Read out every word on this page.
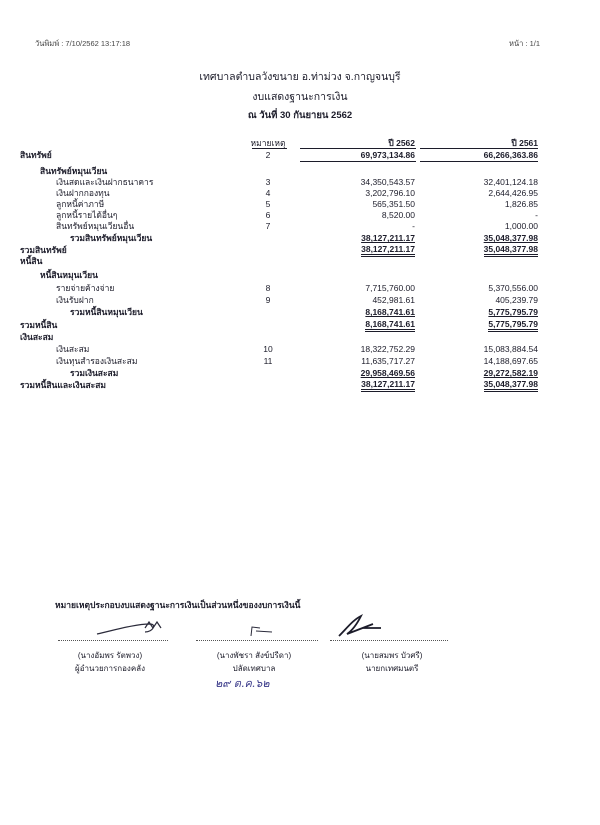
วันพิมพ์ : 7/10/2562 13:17:18	หน้า : 1/1
เทศบาลตำบลวังขนาย อ.ท่าม่วง จ.กาญจนบุรี
งบแสดงฐานะการเงิน
ณ วันที่ 30 กันยายน 2562
หมายเหตุ	ปี 2562	ปี 2561
สินทรัพย์	2	69,973,134.86	66,266,363.86
สินทรัพย์หมุนเวียน
เงินสดและเงินฝากธนาคาร	3	34,350,543.57	32,401,124.18
เงินฝากกองทุน	4	3,202,796.10	2,644,426.95
ลูกหนี้ค่าภาษี	5	565,351.50	1,826.85
ลูกหนี้รายได้อื่นๆ	6	8,520.00	-
สินทรัพย์หมุนเวียนอื่น	7	-	1,000.00
รวมสินทรัพย์หมุนเวียน	38,127,211.17	35,048,377.98
รวมสินทรัพย์	38,127,211.17	35,048,377.98
หนี้สิน
หนี้สินหมุนเวียน
รายจ่ายค้างจ่าย	8	7,715,760.00	5,370,556.00
เงินรับฝาก	9	452,981.61	405,239.79
รวมหนี้สินหมุนเวียน	8,168,741.61	5,775,795.79
รวมหนี้สิน	8,168,741.61	5,775,795.79
เงินสะสม
เงินสะสม	10	18,322,752.29	15,083,884.54
เงินทุนสำรองเงินสะสม	11	11,635,717.27	14,188,697.65
รวมเงินสะสม	29,958,469.56	29,272,582.19
รวมหนี้สินและเงินสะสม	38,127,211.17	35,048,377.98
หมายเหตุประกอบงบแสดงฐานะการเงินเป็นส่วนหนึ่งของงบการเงินนี้
(นางอัมพร รัตพวง)
ผู้อำนวยการกองคลัง
(นางพัชรา สังข์ปรีดา)
ปลัดเทศบาล
(นายสมพร บัวศรี)
นายกเทศมนตรี
๒๙ ต.ค.๖๒
